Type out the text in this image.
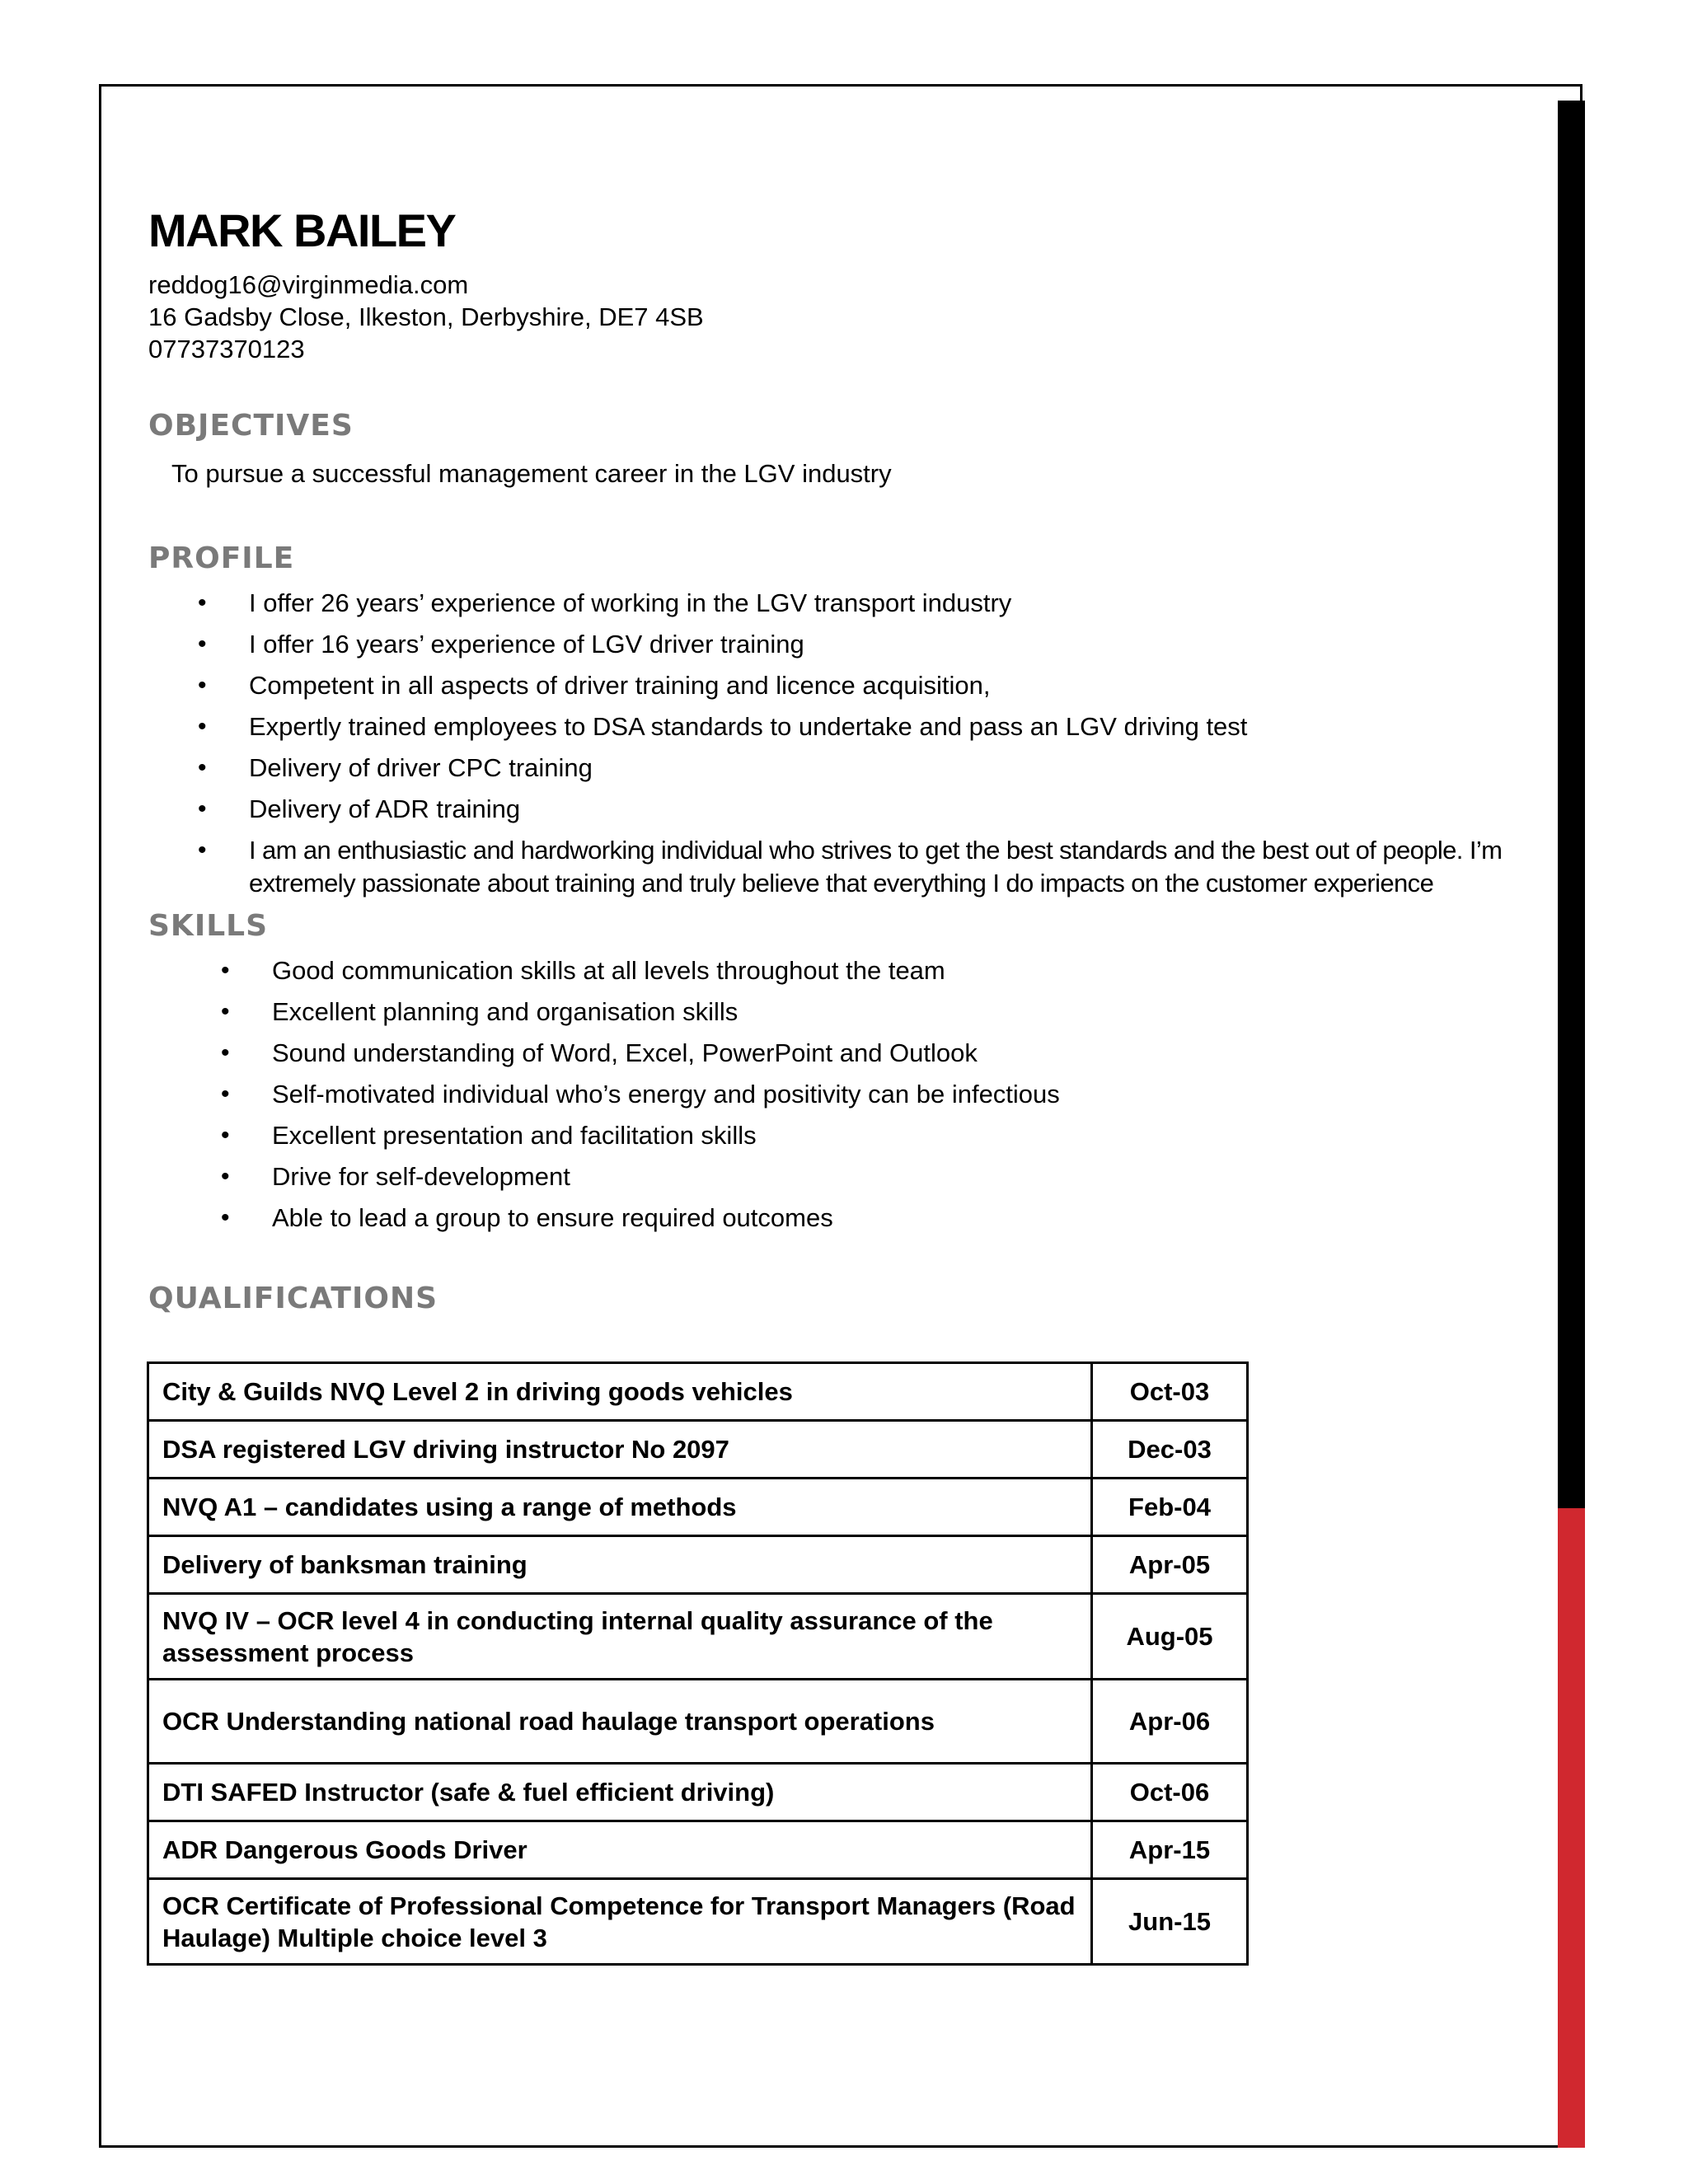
MARK BAILEY

reddog16@virginmedia.com

16 Gadsby Close, Ilkeston, Derbyshire, DE7 4SB

07737370123

OBJECTIVES

To pursue a successful management career in the LGV industry

PROFILE
• I offer 26 years’ experience of working in the LGV transport industry
• I offer 16 years’ experience of LGV driver training
• Competent in all aspects of driver training and licence acquisition,
• Expertly trained employees to DSA standards to undertake and pass an LGV driving test
• Delivery of driver CPC training
• Delivery of ADR training
• I am an enthusiastic and hardworking individual who strives to get the best standards and the best out of people. I’m extremely passionate about training and truly believe that everything I do impacts on the customer experience
SKILLS
• Good communication skills at all levels throughout the team
• Excellent planning and organisation skills
• Sound understanding of Word, Excel, PowerPoint and Outlook
• Self-motivated individual who’s energy and positivity can be infectious
• Excellent presentation and facilitation skills
• Drive for self-development
• Able to lead a group to ensure required outcomes
QUALIFICATIONS
City & Guilds NVQ Level 2 in driving goods vehicles	Oct-03
DSA registered LGV driving instructor No 2097	Dec-03
NVQ A1 – candidates using a range of methods	Feb-04
Delivery of banksman training	Apr-05
NVQ IV – OCR level 4 in conducting internal quality assurance of the assessment process	Aug-05
OCR Understanding national road haulage transport operations	Apr-06
DTI SAFED Instructor (safe & fuel efficient driving)	Oct-06
ADR Dangerous Goods Driver	Apr-15
OCR Certificate of Professional Competence for Transport Managers (Road Haulage) Multiple choice level 3	Jun-15
